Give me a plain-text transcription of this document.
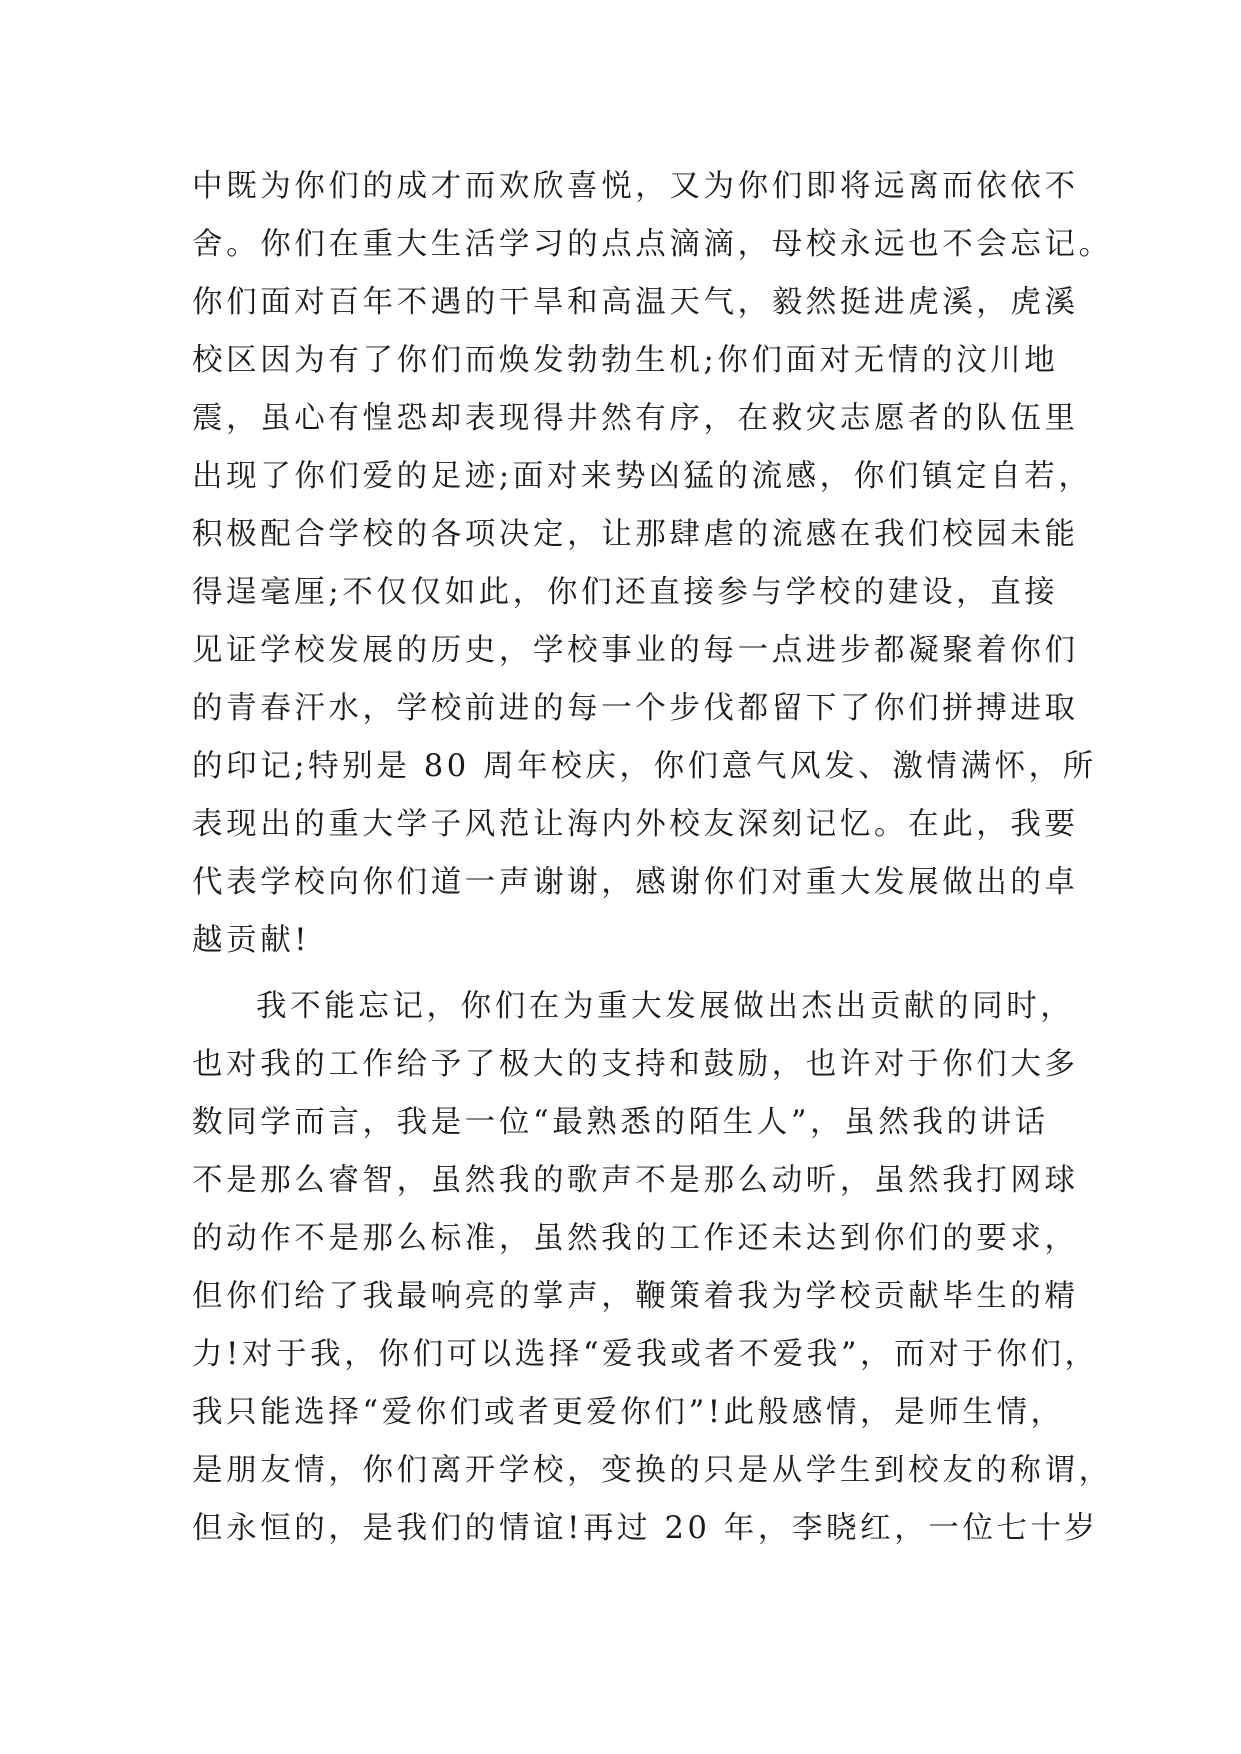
中既为你们的成才而欢欣喜悦，又为你们即将远离而依依不
舍。你们在重大生活学习的点点滴滴，母校永远也不会忘记。
你们面对百年不遇的干旱和高温天气，毅然挺进虎溪，虎溪
校区因为有了你们而焕发勃勃生机;你们面对无情的汶川地
震，虽心有惶恐却表现得井然有序，在救灾志愿者的队伍里
出现了你们爱的足迹;面对来势凶猛的流感，你们镇定自若，
积极配合学校的各项决定，让那肆虐的流感在我们校园未能
得逞毫厘;不仅仅如此，你们还直接参与学校的建设，直接
见证学校发展的历史，学校事业的每一点进步都凝聚着你们
的青春汗水，学校前进的每一个步伐都留下了你们拼搏进取
的印记;特别是 80 周年校庆，你们意气风发、激情满怀，所
表现出的重大学子风范让海内外校友深刻记忆。在此，我要
代表学校向你们道一声谢谢，感谢你们对重大发展做出的卓
越贡献!
我不能忘记，你们在为重大发展做出杰出贡献的同时，
也对我的工作给予了极大的支持和鼓励，也许对于你们大多
数同学而言，我是一位“最熟悉的陌生人”，虽然我的讲话
不是那么睿智，虽然我的歌声不是那么动听，虽然我打网球
的动作不是那么标准，虽然我的工作还未达到你们的要求，
但你们给了我最响亮的掌声，鞭策着我为学校贡献毕生的精
力!对于我，你们可以选择“爱我或者不爱我”，而对于你们，
我只能选择“爱你们或者更爱你们”!此般感情，是师生情，
是朋友情，你们离开学校，变换的只是从学生到校友的称谓，
但永恒的，是我们的情谊!再过 20 年，李晓红，一位七十岁
